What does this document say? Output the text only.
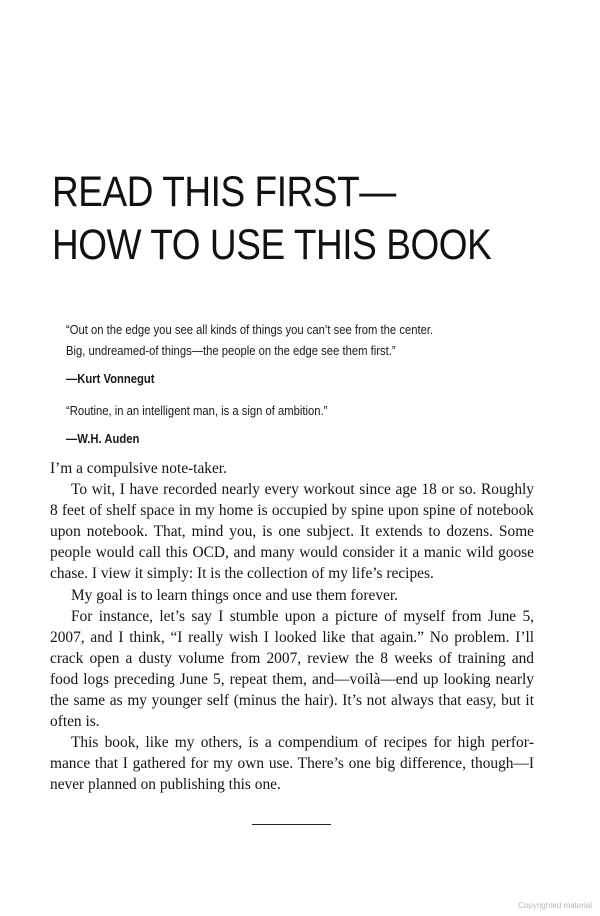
READ THIS FIRST—
HOW TO USE THIS BOOK
“Out on the edge you see all kinds of things you can’t see from the center.
Big, undreamed-of things—the people on the edge see them first.”
—Kurt Vonnegut
“Routine, in an intelligent man, is a sign of ambition.”
—W.H. Auden

I’m a compulsive note-taker.

To wit, I have recorded nearly every workout since age 18 or so. Roughly 8 feet of shelf space in my home is occupied by spine upon spine of notebook upon notebook. That, mind you, is one subject. It extends to dozens. Some people would call this OCD, and many would consider it a manic wild goose chase. I view it simply: It is the collection of my life’s recipes.

My goal is to learn things once and use them forever.

For instance, let’s say I stumble upon a picture of myself from June 5, 2007, and I think, “I really wish I looked like that again.” No problem. I’ll crack open a dusty volume from 2007, review the 8 weeks of training and food logs preceding June 5, repeat them, and—voilà—end up looking nearly the same as my younger self (minus the hair). It’s not always that easy, but it often is.

This book, like my others, is a compendium of recipes for high performance that I gathered for my own use. There’s one big difference, though—I never planned on publishing this one.

Copyrighted material
